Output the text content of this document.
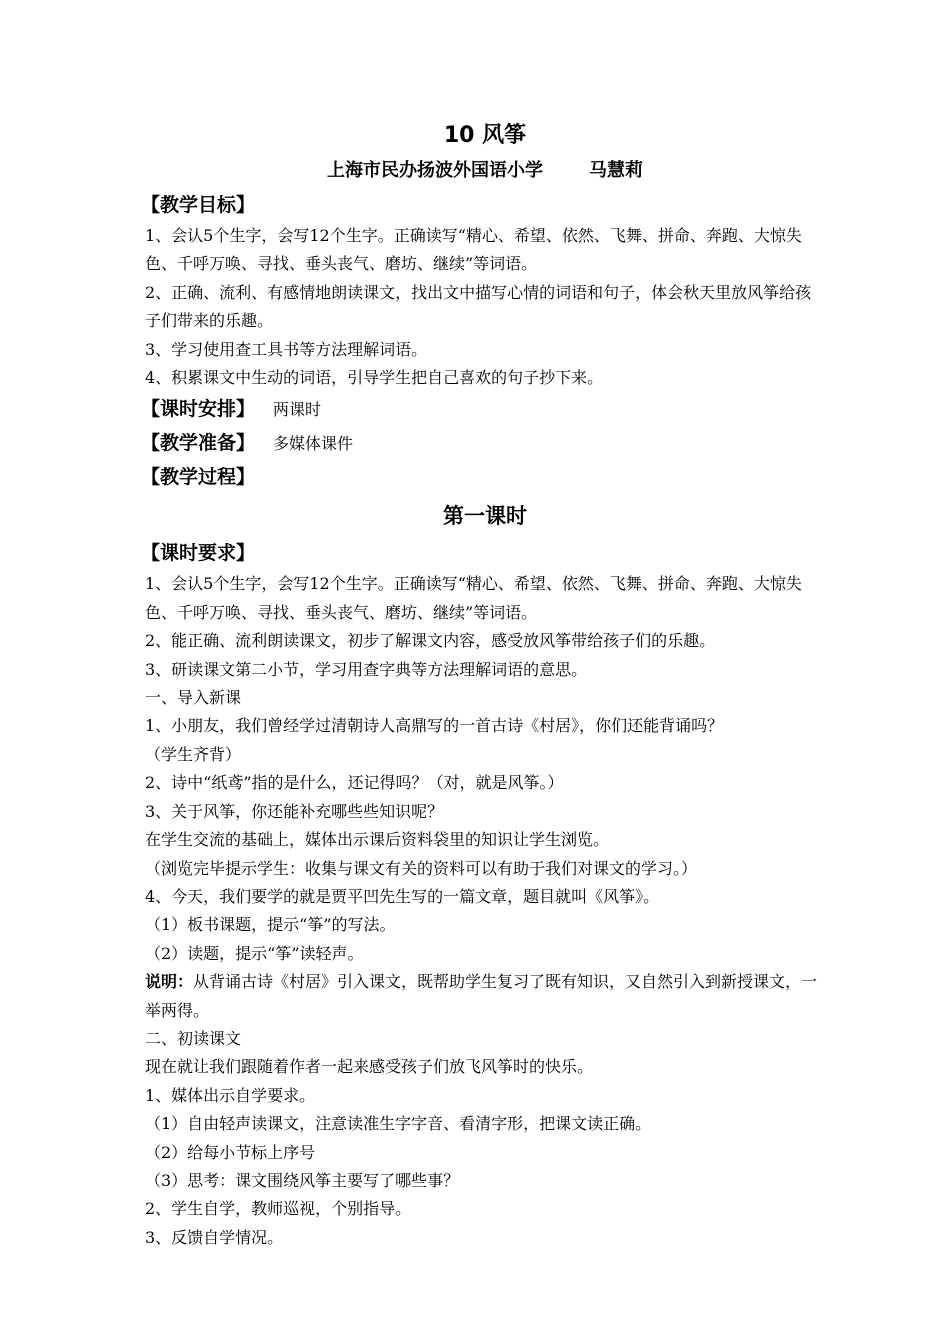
10 风筝
上海市民办扬波外国语小学	马慧莉
【教学目标】
1、会认5个生字，会写12个生字。正确读写“精心、希望、依然、飞舞、拼命、奔跑、大惊失色、千呼万唤、寻找、垂头丧气、磨坊、继续”等词语。
2、正确、流利、有感情地朗读课文，找出文中描写心情的词语和句子，体会秋天里放风筝给孩子们带来的乐趣。
3、学习使用查工具书等方法理解词语。
4、积累课文中生动的词语，引导学生把自己喜欢的句子抄下来。
【课时安排】 两课时
【教学准备】 多媒体课件
【教学过程】
第一课时
【课时要求】
1、会认5个生字，会写12个生字。正确读写“精心、希望、依然、飞舞、拼命、奔跑、大惊失色、千呼万唤、寻找、垂头丧气、磨坊、继续”等词语。
2、能正确、流利朗读课文，初步了解课文内容，感受放风筝带给孩子们的乐趣。
3、研读课文第二小节，学习用查字典等方法理解词语的意思。
一、导入新课
1、小朋友，我们曾经学过清朝诗人高鼎写的一首古诗《村居》，你们还能背诵吗？
（学生齐背）
2、诗中“纸鸢”指的是什么，还记得吗？（对，就是风筝。）
3、关于风筝，你还能补充哪些些知识呢？
在学生交流的基础上，媒体出示课后资料袋里的知识让学生浏览。
（浏览完毕提示学生：收集与课文有关的资料可以有助于我们对课文的学习。）
4、今天，我们要学的就是贾平凹先生写的一篇文章，题目就叫《风筝》。
（1）板书课题，提示“筝”的写法。
（2）读题，提示“筝”读轻声。
说明：从背诵古诗《村居》引入课文，既帮助学生复习了既有知识，又自然引入到新授课文，一举两得。
二、初读课文
现在就让我们跟随着作者一起来感受孩子们放飞风筝时的快乐。
1、媒体出示自学要求。
（1）自由轻声读课文，注意读准生字字音、看清字形，把课文读正确。
（2）给每小节标上序号
（3）思考：课文围绕风筝主要写了哪些事？
2、学生自学，教师巡视，个别指导。
3、反馈自学情况。
